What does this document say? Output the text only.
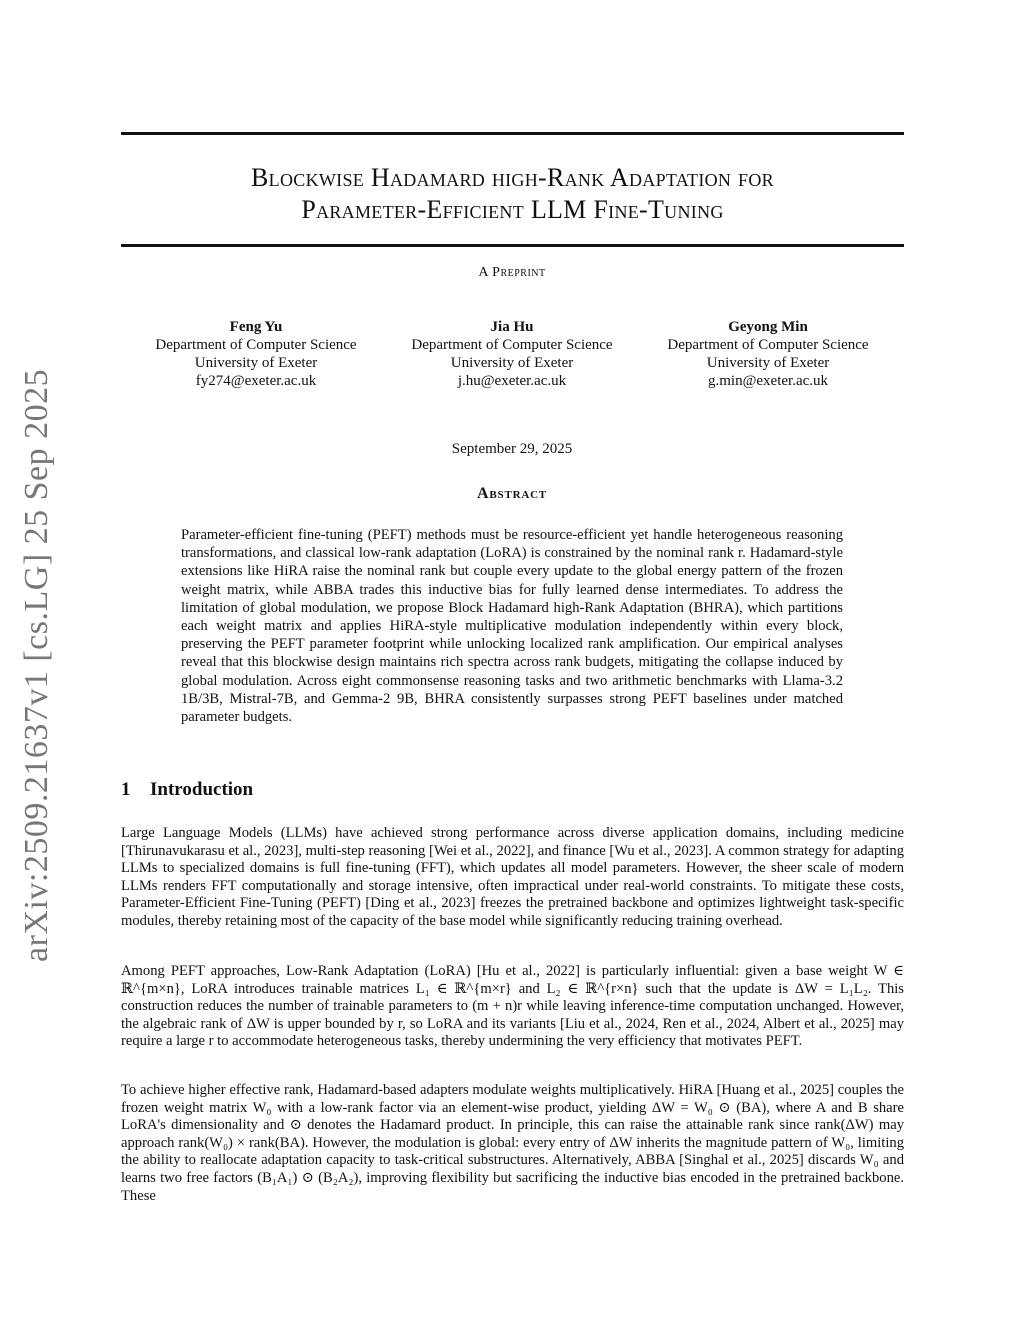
arXiv:2509.21637v1 [cs.LG] 25 Sep 2025
Blockwise Hadamard high-Rank Adaptation for
Parameter-Efficient LLM Fine-Tuning
A Preprint
Feng Yu
Department of Computer Science
University of Exeter
fy274@exeter.ac.uk
Jia Hu
Department of Computer Science
University of Exeter
j.hu@exeter.ac.uk
Geyong Min
Department of Computer Science
University of Exeter
g.min@exeter.ac.uk
September 29, 2025
Abstract
Parameter-efficient fine-tuning (PEFT) methods must be resource-efficient yet handle heterogeneous reasoning transformations, and classical low-rank adaptation (LoRA) is constrained by the nominal rank r. Hadamard-style extensions like HiRA raise the nominal rank but couple every update to the global energy pattern of the frozen weight matrix, while ABBA trades this inductive bias for fully learned dense intermediates. To address the limitation of global modulation, we propose Block Hadamard high-Rank Adaptation (BHRA), which partitions each weight matrix and applies HiRA-style multiplicative modulation independently within every block, preserving the PEFT parameter footprint while unlocking localized rank amplification. Our empirical analyses reveal that this blockwise design maintains rich spectra across rank budgets, mitigating the collapse induced by global modulation. Across eight commonsense reasoning tasks and two arithmetic benchmarks with Llama-3.2 1B/3B, Mistral-7B, and Gemma-2 9B, BHRA consistently surpasses strong PEFT baselines under matched parameter budgets.
1 Introduction
Large Language Models (LLMs) have achieved strong performance across diverse application domains, including medicine [Thirunavukarasu et al., 2023], multi-step reasoning [Wei et al., 2022], and finance [Wu et al., 2023]. A common strategy for adapting LLMs to specialized domains is full fine-tuning (FFT), which updates all model parameters. However, the sheer scale of modern LLMs renders FFT computationally and storage intensive, often impractical under real-world constraints. To mitigate these costs, Parameter-Efficient Fine-Tuning (PEFT) [Ding et al., 2023] freezes the pretrained backbone and optimizes lightweight task-specific modules, thereby retaining most of the capacity of the base model while significantly reducing training overhead.
Among PEFT approaches, Low-Rank Adaptation (LoRA) [Hu et al., 2022] is particularly influential: given a base weight W ∈ ℝ^{m×n}, LoRA introduces trainable matrices L₁ ∈ ℝ^{m×r} and L₂ ∈ ℝ^{r×n} such that the update is ΔW = L₁L₂. This construction reduces the number of trainable parameters to (m + n)r while leaving inference-time computation unchanged. However, the algebraic rank of ΔW is upper bounded by r, so LoRA and its variants [Liu et al., 2024, Ren et al., 2024, Albert et al., 2025] may require a large r to accommodate heterogeneous tasks, thereby undermining the very efficiency that motivates PEFT.
To achieve higher effective rank, Hadamard-based adapters modulate weights multiplicatively. HiRA [Huang et al., 2025] couples the frozen weight matrix W₀ with a low-rank factor via an element-wise product, yielding ΔW = W₀ ⊙ (BA), where A and B share LoRA's dimensionality and ⊙ denotes the Hadamard product. In principle, this can raise the attainable rank since rank(ΔW) may approach rank(W₀) × rank(BA). However, the modulation is global: every entry of ΔW inherits the magnitude pattern of W₀, limiting the ability to reallocate adaptation capacity to task-critical substructures. Alternatively, ABBA [Singhal et al., 2025] discards W₀ and learns two free factors (B₁A₁) ⊙ (B₂A₂), improving flexibility but sacrificing the inductive bias encoded in the pretrained backbone. These
